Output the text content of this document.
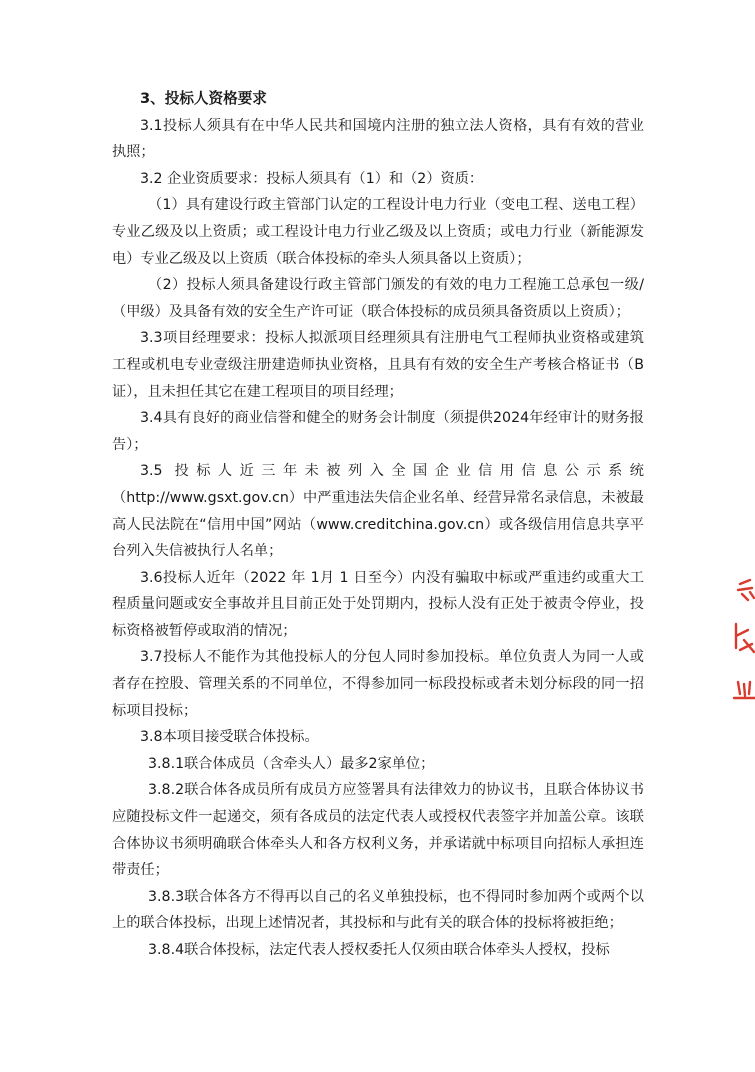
3、投标人资格要求

3.1投标人须具有在中华人民共和国境内注册的独立法人资格，具有有效的营业执照；

3.2 企业资质要求：投标人须具有（1）和（2）资质：

（1）具有建设行政主管部门认定的工程设计电力行业（变电工程、送电工程）专业乙级及以上资质；或工程设计电力行业乙级及以上资质；或电力行业（新能源发电）专业乙级及以上资质（联合体投标的牵头人须具备以上资质）；

（2）投标人须具备建设行政主管部门颁发的有效的电力工程施工总承包一级/（甲级）及具备有效的安全生产许可证（联合体投标的成员须具备资质以上资质）；

3.3项目经理要求：投标人拟派项目经理须具有注册电气工程师执业资格或建筑工程或机电专业壹级注册建造师执业资格，且具有有效的安全生产考核合格证书（B证），且未担任其它在建工程项目的项目经理；

3.4具有良好的商业信誉和健全的财务会计制度（须提供2024年经审计的财务报告）；

3.5 投标人近三年未被列入全国企业信用信息公示系统（http://www.gsxt.gov.cn）中严重违法失信企业名单、经营异常名录信息，未被最高人民法院在“信用中国”网站（www.creditchina.gov.cn）或各级信用信息共享平台列入失信被执行人名单；

3.6投标人近年（2022 年 1月 1 日至今）内没有骗取中标或严重违约或重大工程质量问题或安全事故并且目前正处于处罚期内，投标人没有正处于被责令停业，投标资格被暂停或取消的情况；

3.7投标人不能作为其他投标人的分包人同时参加投标。单位负责人为同一人或者存在控股、管理关系的不同单位，不得参加同一标段投标或者未划分标段的同一招标项目投标；

3.8本项目接受联合体投标。

3.8.1联合体成员（含牵头人）最多2家单位；

3.8.2联合体各成员所有成员方应签署具有法律效力的协议书，且联合体协议书应随投标文件一起递交，须有各成员的法定代表人或授权代表签字并加盖公章。该联合体协议书须明确联合体牵头人和各方权利义务，并承诺就中标项目向招标人承担连带责任；

3.8.3联合体各方不得再以自己的名义单独投标，也不得同时参加两个或两个以上的联合体投标，出现上述情况者，其投标和与此有关的联合体的投标将被拒绝；

3.8.4联合体投标，法定代表人授权委托人仅须由联合体牵头人授权，投标
